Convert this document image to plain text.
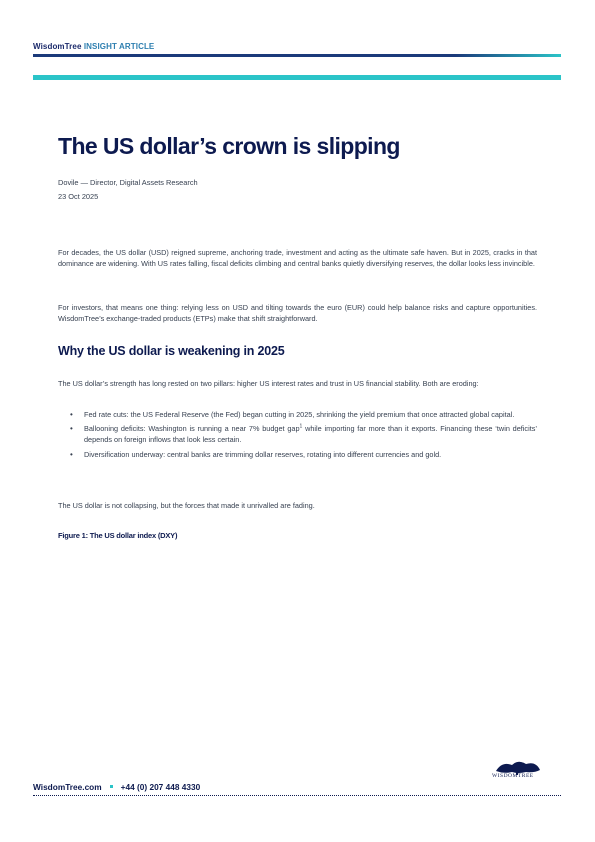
WisdomTree INSIGHT ARTICLE
The US dollar’s crown is slipping
Dovile — Director, Digital Assets Research
23 Oct 2025

For decades, the US dollar (USD) reigned supreme, anchoring trade, investment and acting as the ultimate safe haven. But in 2025, cracks in that dominance are widening. With US rates falling, fiscal deficits climbing and central banks quietly diversifying reserves, the dollar looks less invincible.

For investors, that means one thing: relying less on USD and tilting towards the euro (EUR) could help balance risks and capture opportunities. WisdomTree’s exchange-traded products (ETPs) make that shift straightforward.

Why the US dollar is weakening in 2025

The US dollar’s strength has long rested on two pillars: higher US interest rates and trust in US financial stability. Both are eroding:

• Fed rate cuts: the US Federal Reserve (the Fed) began cutting in 2025, shrinking the yield premium that once attracted global capital.
• Ballooning deficits: Washington is running a near 7% budget gap$^1$ while importing far more than it exports. Financing these ‘twin deficits’ depends on foreign inflows that look less certain.
• Diversification underway: central banks are trimming dollar reserves, rotating into different currencies and gold.

The US dollar is not collapsing, but the forces that made it unrivalled are fading.

Figure 1: The US dollar index (DXY)
WISDOMTREE
WisdomTree.com +44 (0) 207 448 4330
